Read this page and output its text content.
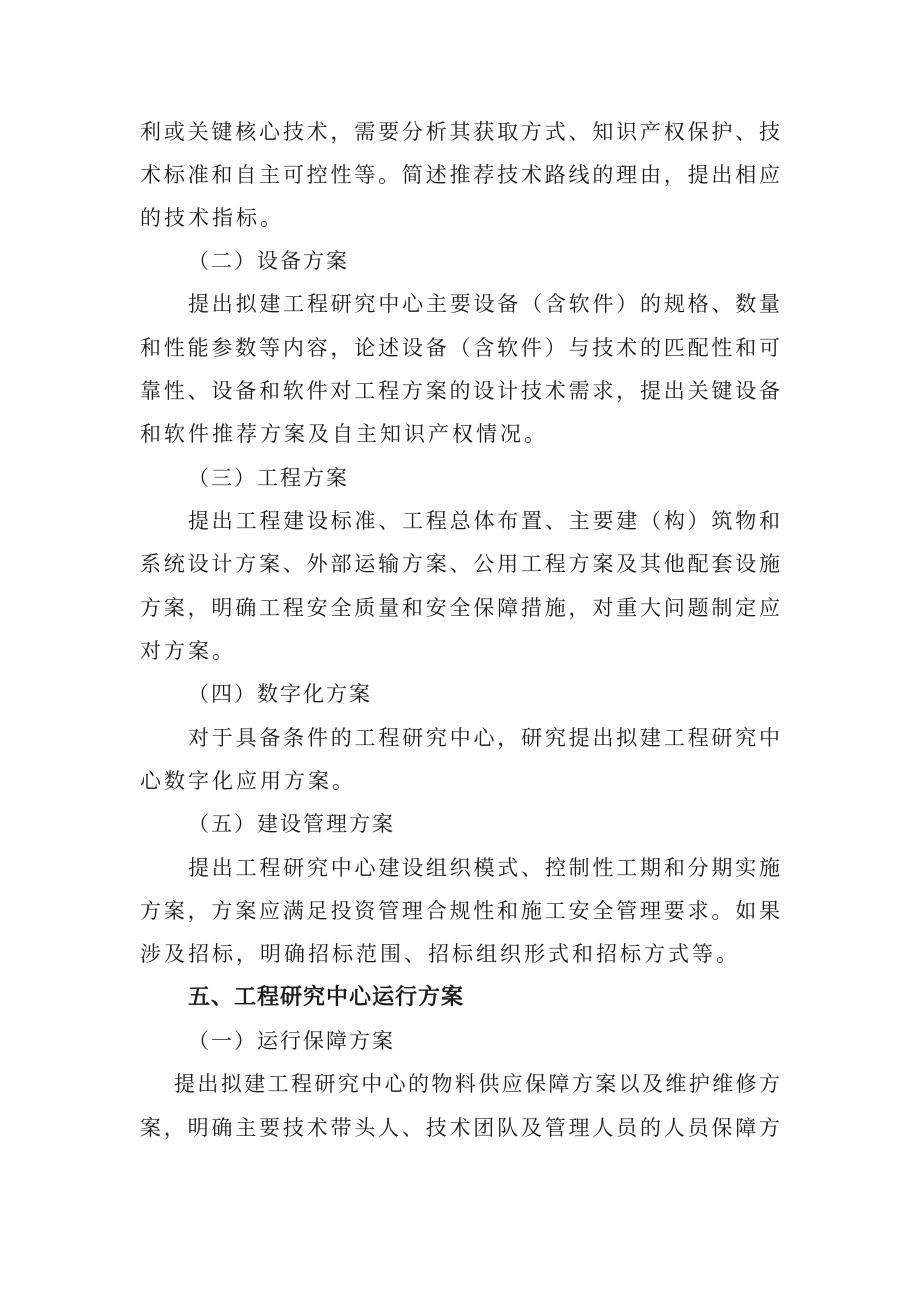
利或关键核心技术，需要分析其获取方式、知识产权保护、技
术标准和自主可控性等。简述推荐技术路线的理由，提出相应
的技术指标。
（二）设备方案
提出拟建工程研究中心主要设备（含软件）的规格、数量
和性能参数等内容，论述设备（含软件）与技术的匹配性和可
靠性、设备和软件对工程方案的设计技术需求，提出关键设备
和软件推荐方案及自主知识产权情况。
（三）工程方案
提出工程建设标准、工程总体布置、主要建（构）筑物和
系统设计方案、外部运输方案、公用工程方案及其他配套设施
方案，明确工程安全质量和安全保障措施，对重大问题制定应
对方案。
（四）数字化方案
对于具备条件的工程研究中心，研究提出拟建工程研究中
心数字化应用方案。
（五）建设管理方案
提出工程研究中心建设组织模式、控制性工期和分期实施
方案，方案应满足投资管理合规性和施工安全管理要求。如果
涉及招标，明确招标范围、招标组织形式和招标方式等。
五、工程研究中心运行方案
（一）运行保障方案
提出拟建工程研究中心的物料供应保障方案以及维护维修方
案，明确主要技术带头人、技术团队及管理人员的人员保障方
